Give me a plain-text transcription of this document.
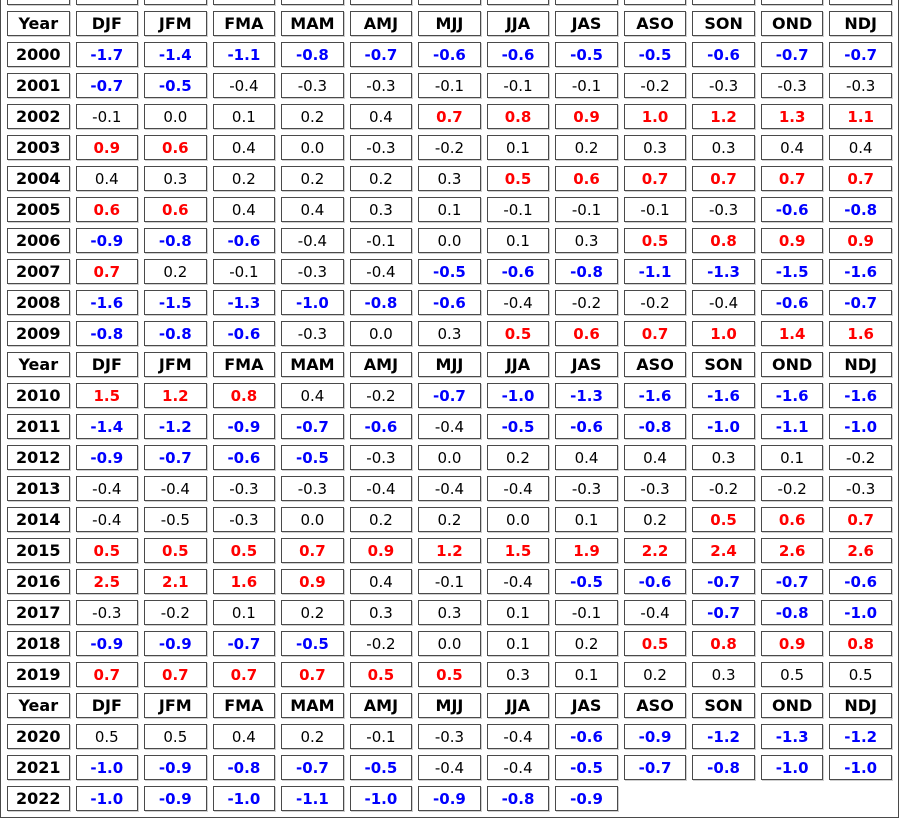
Year	DJF	JFM	FMA	MAM	AMJ	MJJ	JJA	JAS	ASO	SON	OND	NDJ
2000	-1.7	-1.4	-1.1	-0.8	-0.7	-0.6	-0.6	-0.5	-0.5	-0.6	-0.7	-0.7
2001	-0.7	-0.5	-0.4	-0.3	-0.3	-0.1	-0.1	-0.1	-0.2	-0.3	-0.3	-0.3
2002	-0.1	0.0	0.1	0.2	0.4	0.7	0.8	0.9	1.0	1.2	1.3	1.1
2003	0.9	0.6	0.4	0.0	-0.3	-0.2	0.1	0.2	0.3	0.3	0.4	0.4
2004	0.4	0.3	0.2	0.2	0.2	0.3	0.5	0.6	0.7	0.7	0.7	0.7
2005	0.6	0.6	0.4	0.4	0.3	0.1	-0.1	-0.1	-0.1	-0.3	-0.6	-0.8
2006	-0.9	-0.8	-0.6	-0.4	-0.1	0.0	0.1	0.3	0.5	0.8	0.9	0.9
2007	0.7	0.2	-0.1	-0.3	-0.4	-0.5	-0.6	-0.8	-1.1	-1.3	-1.5	-1.6
2008	-1.6	-1.5	-1.3	-1.0	-0.8	-0.6	-0.4	-0.2	-0.2	-0.4	-0.6	-0.7
2009	-0.8	-0.8	-0.6	-0.3	0.0	0.3	0.5	0.6	0.7	1.0	1.4	1.6
Year	DJF	JFM	FMA	MAM	AMJ	MJJ	JJA	JAS	ASO	SON	OND	NDJ
2010	1.5	1.2	0.8	0.4	-0.2	-0.7	-1.0	-1.3	-1.6	-1.6	-1.6	-1.6
2011	-1.4	-1.2	-0.9	-0.7	-0.6	-0.4	-0.5	-0.6	-0.8	-1.0	-1.1	-1.0
2012	-0.9	-0.7	-0.6	-0.5	-0.3	0.0	0.2	0.4	0.4	0.3	0.1	-0.2
2013	-0.4	-0.4	-0.3	-0.3	-0.4	-0.4	-0.4	-0.3	-0.3	-0.2	-0.2	-0.3
2014	-0.4	-0.5	-0.3	0.0	0.2	0.2	0.0	0.1	0.2	0.5	0.6	0.7
2015	0.5	0.5	0.5	0.7	0.9	1.2	1.5	1.9	2.2	2.4	2.6	2.6
2016	2.5	2.1	1.6	0.9	0.4	-0.1	-0.4	-0.5	-0.6	-0.7	-0.7	-0.6
2017	-0.3	-0.2	0.1	0.2	0.3	0.3	0.1	-0.1	-0.4	-0.7	-0.8	-1.0
2018	-0.9	-0.9	-0.7	-0.5	-0.2	0.0	0.1	0.2	0.5	0.8	0.9	0.8
2019	0.7	0.7	0.7	0.7	0.5	0.5	0.3	0.1	0.2	0.3	0.5	0.5
Year	DJF	JFM	FMA	MAM	AMJ	MJJ	JJA	JAS	ASO	SON	OND	NDJ
2020	0.5	0.5	0.4	0.2	-0.1	-0.3	-0.4	-0.6	-0.9	-1.2	-1.3	-1.2
2021	-1.0	-0.9	-0.8	-0.7	-0.5	-0.4	-0.4	-0.5	-0.7	-0.8	-1.0	-1.0
2022	-1.0	-0.9	-1.0	-1.1	-1.0	-0.9	-0.8	-0.9				
